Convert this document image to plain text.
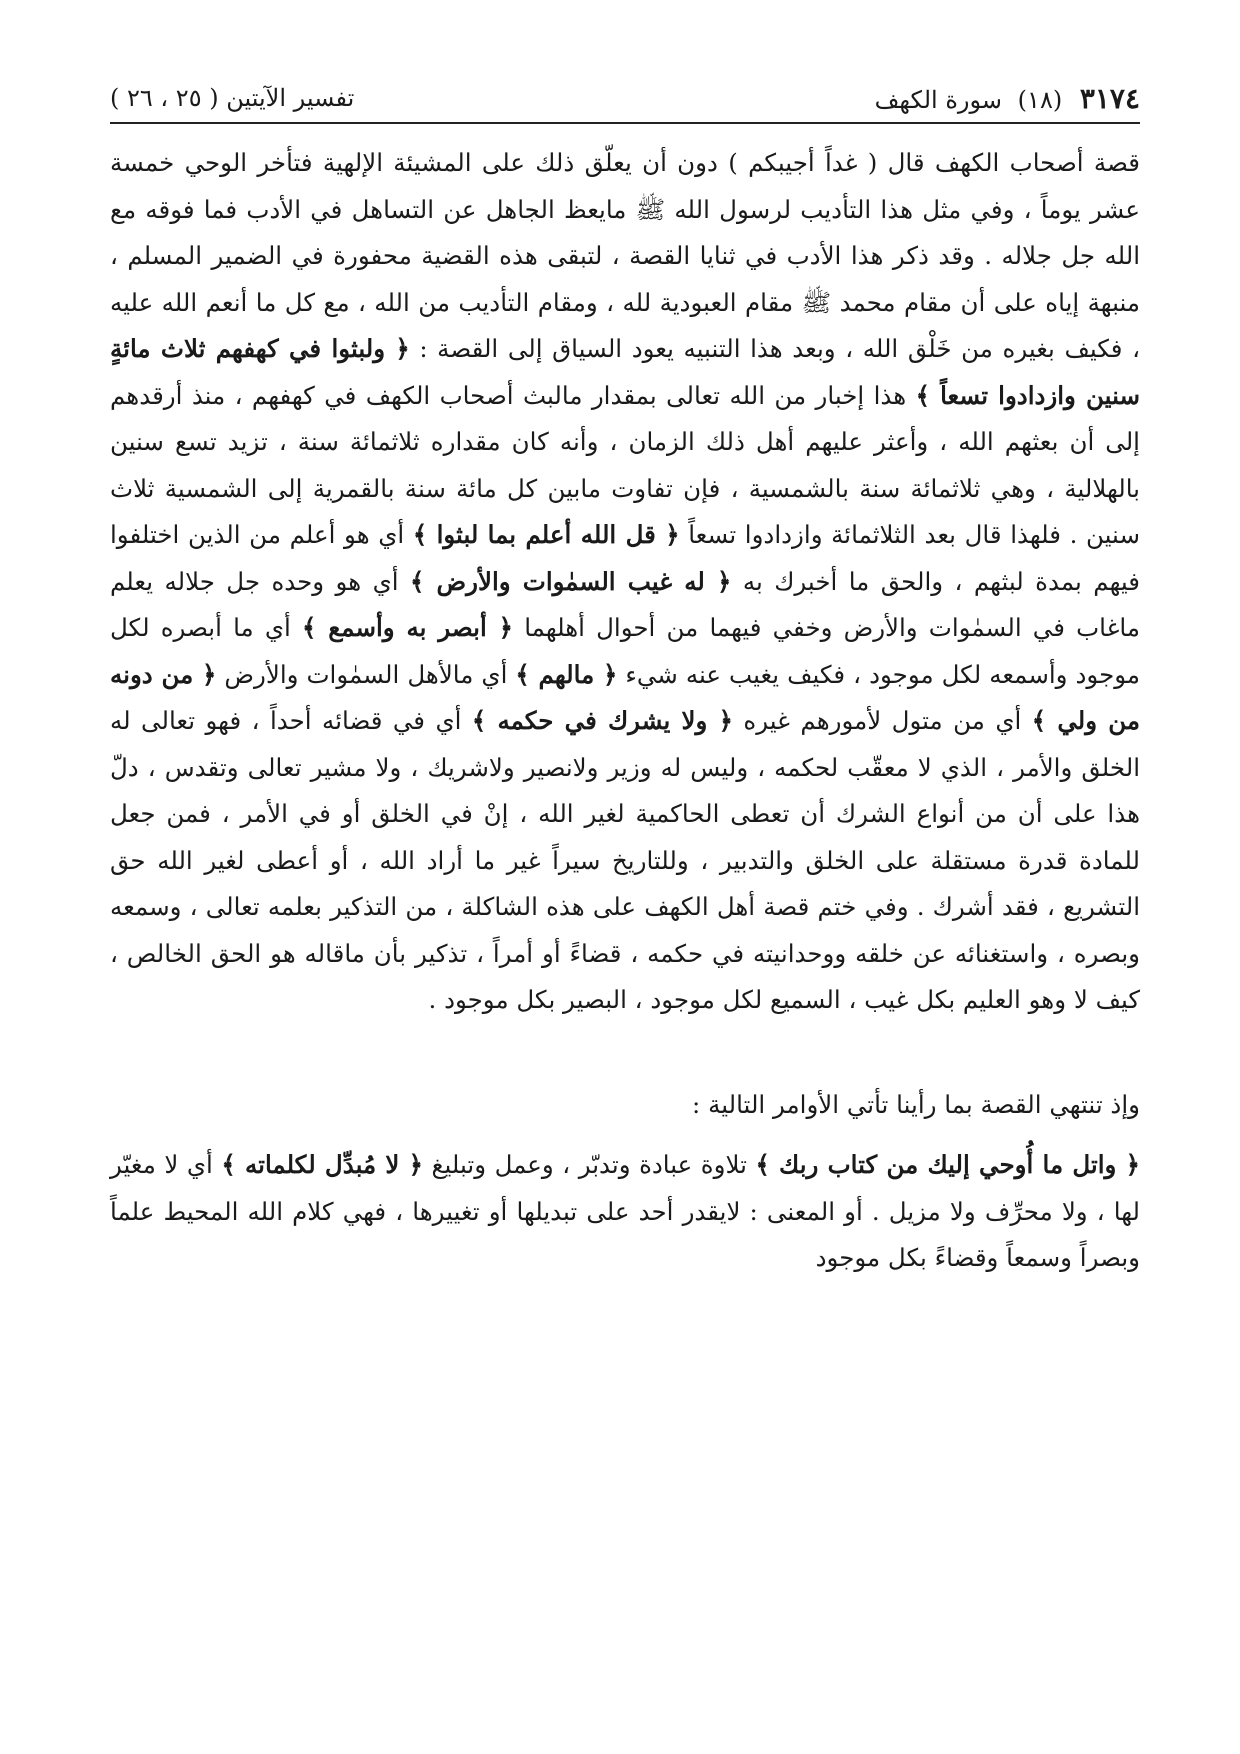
٣١٧٤ (١٨) سورة الكهف
تفسير الآيتين ( ٢٥ ، ٢٦ )

قصة أصحاب الكهف قال ( غداً أجيبكم ) دون أن يعلّق ذلك على المشيئة الإلهية فتأخر الوحي خمسة عشر يوماً ، وفي مثل هذا التأديب لرسول الله ﷺ مايعظ الجاهل عن التساهل في الأدب فما فوقه مع الله جل جلاله . وقد ذكر هذا الأدب في ثنايا القصة ، لتبقى هذه القضية محفورة في الضمير المسلم ، منبهة إياه على أن مقام محمد ﷺ مقام العبودية لله ، ومقام التأديب من الله ، مع كل ما أنعم الله عليه ، فكيف بغيره من خَلْق الله ، وبعد هذا التنبيه يعود السياق إلى القصة : ﴿ ولبثوا في كهفهم ثلاث مائةٍ سنين وازدادوا تسعاً ﴾ هذا إخبار من الله تعالى بمقدار مالبث أصحاب الكهف في كهفهم ، منذ أرقدهم إلى أن بعثهم الله ، وأعثر عليهم أهل ذلك الزمان ، وأنه كان مقداره ثلاثمائة سنة ، تزيد تسع سنين بالهلالية ، وهي ثلاثمائة سنة بالشمسية ، فإن تفاوت مابين كل مائة سنة بالقمرية إلى الشمسية ثلاث سنين . فلهذا قال بعد الثلاثمائة وازدادوا تسعاً ﴿ قل الله أعلم بما لبثوا ﴾ أي هو أعلم من الذين اختلفوا فيهم بمدة لبثهم ، والحق ما أخبرك به ﴿ له غيب السمٰوات والأرض ﴾ أي هو وحده جل جلاله يعلم ماغاب في السمٰوات والأرض وخفي فيهما من أحوال أهلهما ﴿ أبصر به وأسمع ﴾ أي ما أبصره لكل موجود وأسمعه لكل موجود ، فكيف يغيب عنه شيء ﴿ مالهم ﴾ أي مالأهل السمٰوات والأرض ﴿ من دونه من ولي ﴾ أي من متول لأمورهم غيره ﴿ ولا يشرك في حكمه ﴾ أي في قضائه أحداً ، فهو تعالى له الخلق والأمر ، الذي لا معقّب لحكمه ، وليس له وزير ولانصير ولاشريك ، ولا مشير تعالى وتقدس ، دلّ هذا على أن من أنواع الشرك أن تعطى الحاكمية لغير الله ، إنْ في الخلق أو في الأمر ، فمن جعل للمادة قدرة مستقلة على الخلق والتدبير ، وللتاريخ سيراً غير ما أراد الله ، أو أعطى لغير الله حق التشريع ، فقد أشرك . وفي ختم قصة أهل الكهف على هذه الشاكلة ، من التذكير بعلمه تعالى ، وسمعه وبصره ، واستغنائه عن خلقه ووحدانيته في حكمه ، قضاءً أو أمراً ، تذكير بأن ماقاله هو الحق الخالص ، كيف لا وهو العليم بكل غيب ، السميع لكل موجود ، البصير بكل موجود .

وإذ تنتهي القصة بما رأينا تأتي الأوامر التالية :

﴿ واتل ما أُوحي إليك من كتاب ربك ﴾ تلاوة عبادة وتدبّر ، وعمل وتبليغ ﴿ لا مُبدِّل لكلماته ﴾ أي لا مغيّر لها ، ولا محرِّف ولا مزيل . أو المعنى : لايقدر أحد على تبديلها أو تغييرها ، فهي كلام الله المحيط علماً وبصراً وسمعاً وقضاءً بكل موجود
